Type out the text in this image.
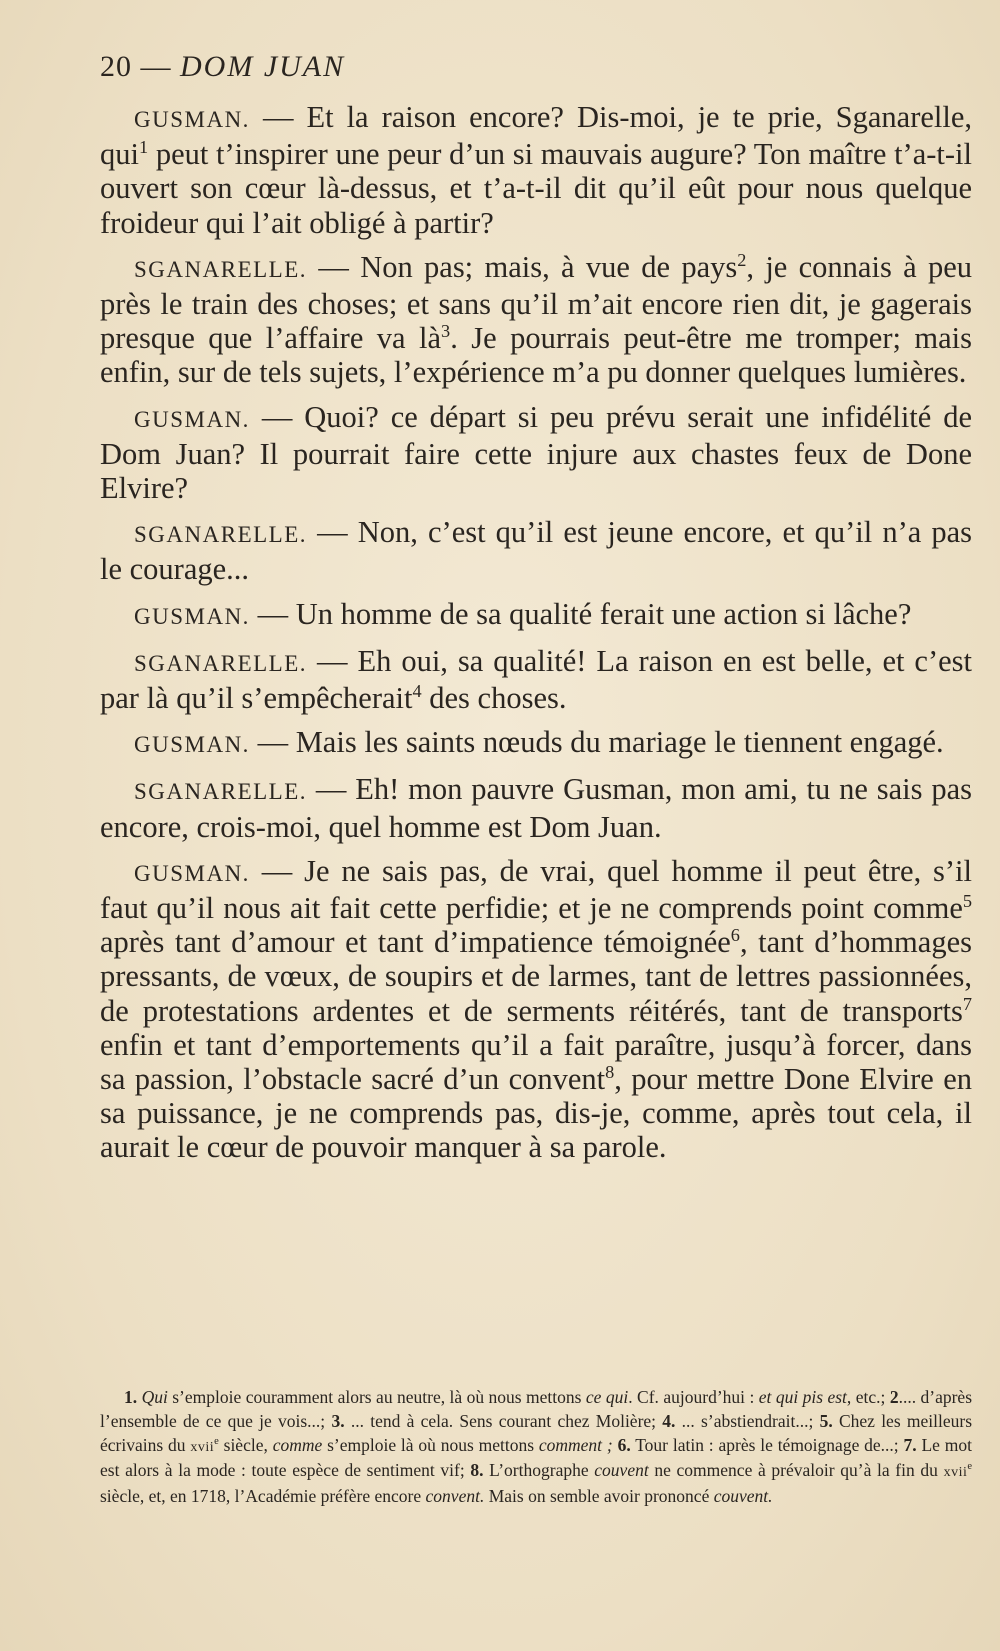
20 — DOM JUAN

GUSMAN. — Et la raison encore? Dis-moi, je te prie, Sganarelle, qui$^1$ peut t’inspirer une peur d’un si mauvais augure? Ton maître t’a-t-il ouvert son cœur là-dessus, et t’a-t-il dit qu’il eût pour nous quelque froideur qui l’ait obligé à partir?

SGANARELLE. — Non pas; mais, à vue de pays$^2$, je connais à peu près le train des choses; et sans qu’il m’ait encore rien dit, je gagerais presque que l’affaire va $là^3$. Je pourrais peut-être me tromper; mais enfin, sur de tels sujets, l’expérience m’a pu donner quelques lumières.

GUSMAN. — Quoi? ce départ si peu prévu serait une infidélité de Dom Juan? Il pourrait faire cette injure aux chastes feux de Done Elvire?

SGANARELLE. — Non, c’est qu’il est jeune encore, et qu’il n’a pas le courage...

GUSMAN. — Un homme de sa qualité ferait une action si lâche?

SGANARELLE. — Eh oui, sa qualité! La raison en est belle, et c’est par là qu’il s’empêcherait$^4$ des choses.

GUSMAN. — Mais les saints nœuds du mariage le tiennent engagé.

SGANARELLE. — Eh! mon pauvre Gusman, mon ami, tu ne sais pas encore, crois-moi, quel homme est Dom Juan.

GUSMAN. — Je ne sais pas, de vrai, quel homme il peut être, s’il faut qu’il nous ait fait cette perfidie; et je ne comprends point comme$^5$ après tant d’amour et tant d’impatience témoignée$^6$, tant d’hommages pressants, de vœux, de soupirs et de larmes, tant de lettres passionnées, de protestations ardentes et de serments réitérés, tant de transports$^7$ enfin et tant d’emportements qu’il a fait paraître, jusqu’à forcer, dans sa passion, l’obstacle sacré d’un convent$^8$, pour mettre Done Elvire en sa puissance, je ne comprends pas, dis-je, comme, après tout cela, il aurait le cœur de pouvoir manquer à sa parole.

1. Qui s’emploie couramment alors au neutre, là où nous mettons ce qui. Cf. aujourd’hui : et qui pis est, etc.; 2.... d’après l’ensemble de ce que je vois...; 3. ... tend à cela. Sens courant chez Molière; 4. ... s’abstiendrait...; 5. Chez les meilleurs écrivains du xvii$^e$ siècle, comme s’emploie là où nous mettons comment ; 6. Tour latin : après le témoignage de...; 7. Le mot est alors à la mode : toute espèce de sentiment vif; 8. L’orthographe couvent ne commence à prévaloir qu’à la fin du xvii$^e$ siècle, et, en 1718, l’Académie préfère encore convent. Mais on semble avoir prononcé couvent.
